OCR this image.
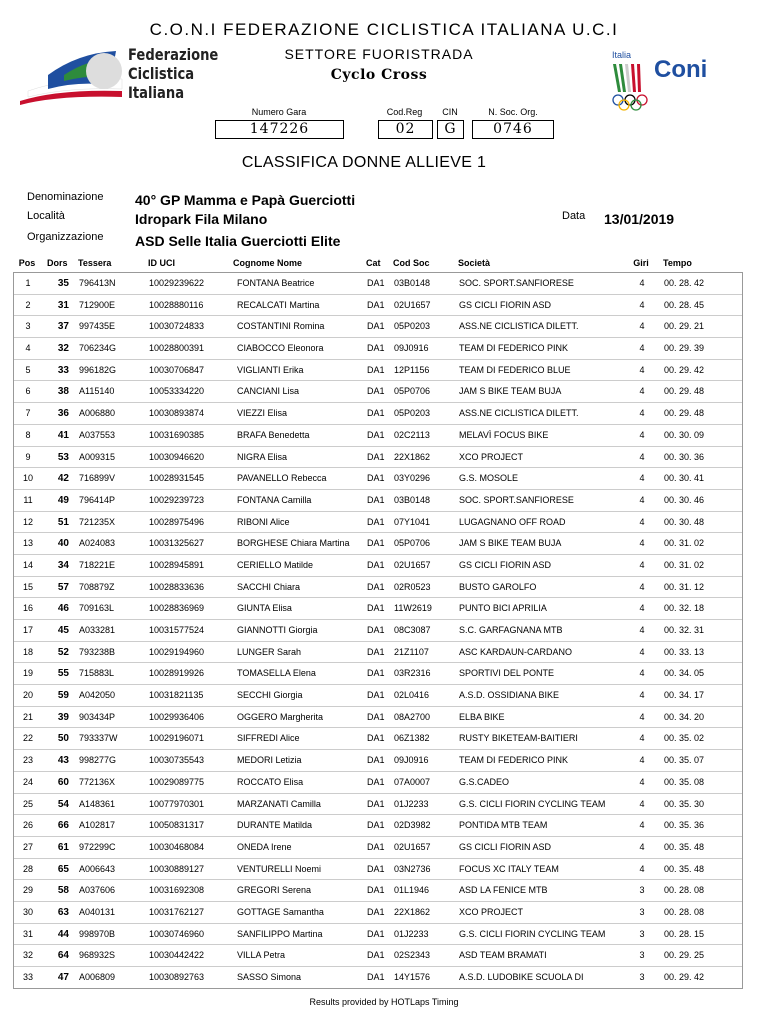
C.O.N.I FEDERAZIONE CICLISTICA ITALIANA U.C.I
SETTORE FUORISTRADA
Cyclo Cross
Federazione
Ciclistica
Italiana
Italia
Coni
Numero Gara
147226
Cod.Reg
02
CIN
G
N. Soc. Org.
0746
CLASSIFICA DONNE ALLIEVE 1
Denominazione 40° GP Mamma e Papà Guerciotti
Località	Idropark Fila Milano	Data 13/01/2019
Organizzazione ASD Selle Italia Guerciotti Elite
Pos	Dors	Tessera	ID UCI	Cognome Nome	Cat Cod Soc	Società	Giri Tempo
1	35 796413N	10029239622	FONTANA Beatrice	DA1 03B0148	SOC. SPORT.SANFIORESE	4	00. 28. 42
2	31 712900E	10028880116	RECALCATI Martina	DA1 02U1657	GS CICLI FIORIN ASD	4	00. 28. 45
3	37 997435E	10030724833	COSTANTINI Romina	DA1 05P0203	ASS.NE CICLISTICA DILETT.	4	00. 29. 21
4	32 706234G	10028800391	CIABOCCO Eleonora	DA1 09J0916	TEAM DI FEDERICO PINK	4	00. 29. 39
5	33 996182G	10030706847	VIGLIANTI Erika	DA1 12P1156	TEAM DI FEDERICO BLUE	4	00. 29. 42
6	38 A115140	10053334220	CANCIANI Lisa	DA1 05P0706	JAM S BIKE TEAM BUJA	4	00. 29. 48
7	36 A006880	10030893874	VIEZZI Elisa	DA1 05P0203	ASS.NE CICLISTICA DILETT.	4	00. 29. 48
8	41 A037553	10031690385	BRAFA Benedetta	DA1 02C2113	MELAVÌ FOCUS BIKE	4	00. 30. 09
9	53 A009315	10030946620	NIGRA Elisa	DA1 22X1862	XCO PROJECT	4	00. 30. 36
10	42 716899V	10028931545	PAVANELLO Rebecca	DA1 03Y0296	G.S. MOSOLE	4	00. 30. 41
11	49 796414P	10029239723	FONTANA Camilla	DA1 03B0148	SOC. SPORT.SANFIORESE	4	00. 30. 46
12	51 721235X	10028975496	RIBONI Alice	DA1 07Y1041	LUGAGNANO OFF ROAD	4	00. 30. 48
13	40 A024083	10031325627	BORGHESE Chiara Martina DA1 05P0706	JAM S BIKE TEAM BUJA	4	00. 31. 02
14	34 718221E	10028945891	CERIELLO Matilde	DA1 02U1657	GS CICLI FIORIN ASD	4	00. 31. 02
15	57 708879Z	10028833636	SACCHI Chiara	DA1 02R0523	BUSTO GAROLFO	4	00. 31. 12
16	46 709163L	10028836969	GIUNTA Elisa	DA1 11W2619	PUNTO BICI APRILIA	4	00. 32. 18
17	45 A033281	10031577524	GIANNOTTI Giorgia	DA1 08C3087	S.C. GARFAGNANA MTB	4	00. 32. 31
18	52 793238B	10029194960	LUNGER Sarah	DA1 21Z1107	ASC KARDAUN-CARDANO	4	00. 33. 13
19	55 715883L	10028919926	TOMASELLA Elena	DA1 03R2316	SPORTIVI DEL PONTE	4	00. 34. 05
20	59 A042050	10031821135	SECCHI Giorgia	DA1 02L0416	A.S.D. OSSIDIANA BIKE	4	00. 34. 17
21	39 903434P	10029936406	OGGERO Margherita	DA1 08A2700	ELBA BIKE	4	00. 34. 20
22	50 793337W	10029196071	SIFFREDI Alice	DA1 06Z1382	RUSTY BIKETEAM-BAITIERI	4	00. 35. 02
23	43 998277G	10030735543	MEDORI Letizia	DA1 09J0916	TEAM DI FEDERICO PINK	4	00. 35. 07
24	60 772136X	10029089775	ROCCATO Elisa	DA1 07A0007	G.S.CADEO	4	00. 35. 08
25	54 A148361	10077970301	MARZANATI Camilla	DA1 01J2233	G.S. CICLI FIORIN CYCLING TEAM	4	00. 35. 30
26	66 A102817	10050831317	DURANTE Matilda	DA1 02D3982	PONTIDA MTB TEAM	4	00. 35. 36
27	61 972299C	10030468084	ONEDA Irene	DA1 02U1657	GS CICLI FIORIN ASD	4	00. 35. 48
28	65 A006643	10030889127	VENTURELLI Noemi	DA1 03N2736	FOCUS XC ITALY TEAM	4	00. 35. 48
29	58 A037606	10031692308	GREGORI Serena	DA1 01L1946	ASD LA FENICE MTB	3	00. 28. 08
30	63 A040131	10031762127	GOTTAGE Samantha	DA1 22X1862	XCO PROJECT	3	00. 28. 08
31	44 998970B	10030746960	SANFILIPPO Martina	DA1 01J2233	G.S. CICLI FIORIN CYCLING TEAM	3	00. 28. 15
32	64 968932S	10030442422	VILLA Petra	DA1 02S2343	ASD TEAM BRAMATI	3	00. 29. 25
33	47 A006809	10030892763	SASSO Simona	DA1 14Y1576	A.S.D. LUDOBIKE SCUOLA DI	3	00. 29. 42
Results provided by HOTLaps Timing
